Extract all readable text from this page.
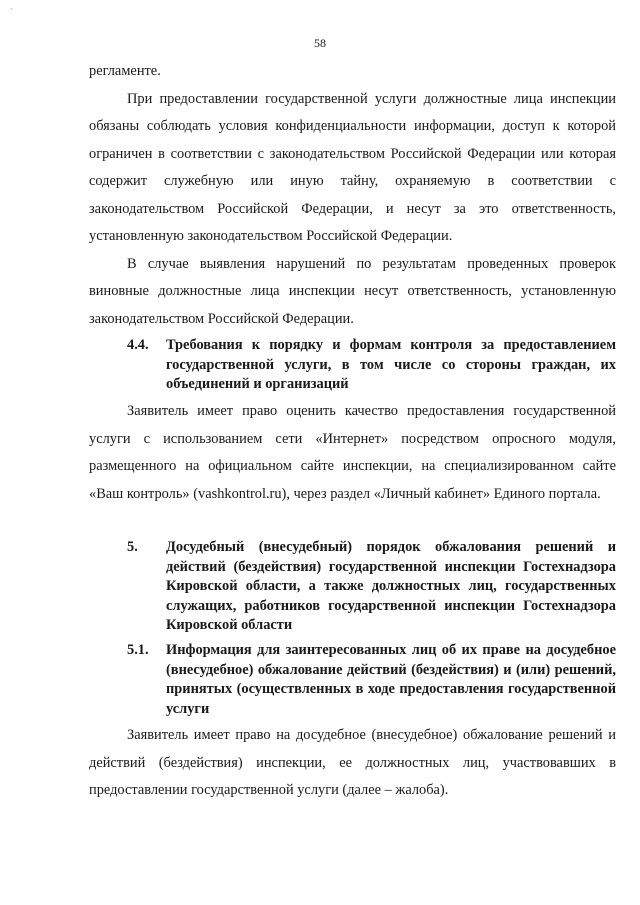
`
58

регламенте.

При предоставлении государственной услуги должностные лица инспекции обязаны соблюдать условия конфиденциальности информации, доступ к которой ограничен в соответствии с законодательством Российской Федерации или которая содержит служебную или иную тайну, охраняемую в соответствии с законодательством Российской Федерации, и несут за это ответственность, установленную законодательством Российской Федерации.

В случае выявления нарушений по результатам проведенных проверок виновные должностные лица инспекции несут ответственность, установленную законодательством Российской Федерации.

4.4. Требования к порядку и формам контроля за предоставлением государственной услуги, в том числе со стороны граждан, их объединений и организаций

Заявитель имеет право оценить качество предоставления государственной услуги с использованием сети «Интернет» посредством опросного модуля, размещенного на официальном сайте инспекции, на специализированном сайте «Ваш контроль» (vashkontrol.ru), через раздел «Личный кабинет» Единого портала.

5. Досудебный (внесудебный) порядок обжалования решений и действий (бездействия) государственной инспекции Гостехнадзора Кировской области, а также должностных лиц, государственных служащих, работников государственной инспекции Гостехнадзора Кировской области
5.1. Информация для заинтересованных лиц об их праве на досудебное (внесудебное) обжалование действий (бездействия) и (или) решений, принятых (осуществленных в ходе предоставления государственной услуги

Заявитель имеет право на досудебное (внесудебное) обжалование решений и действий (бездействия) инспекции, ее должностных лиц, участвовавших в предоставлении государственной услуги (далее – жалоба).
